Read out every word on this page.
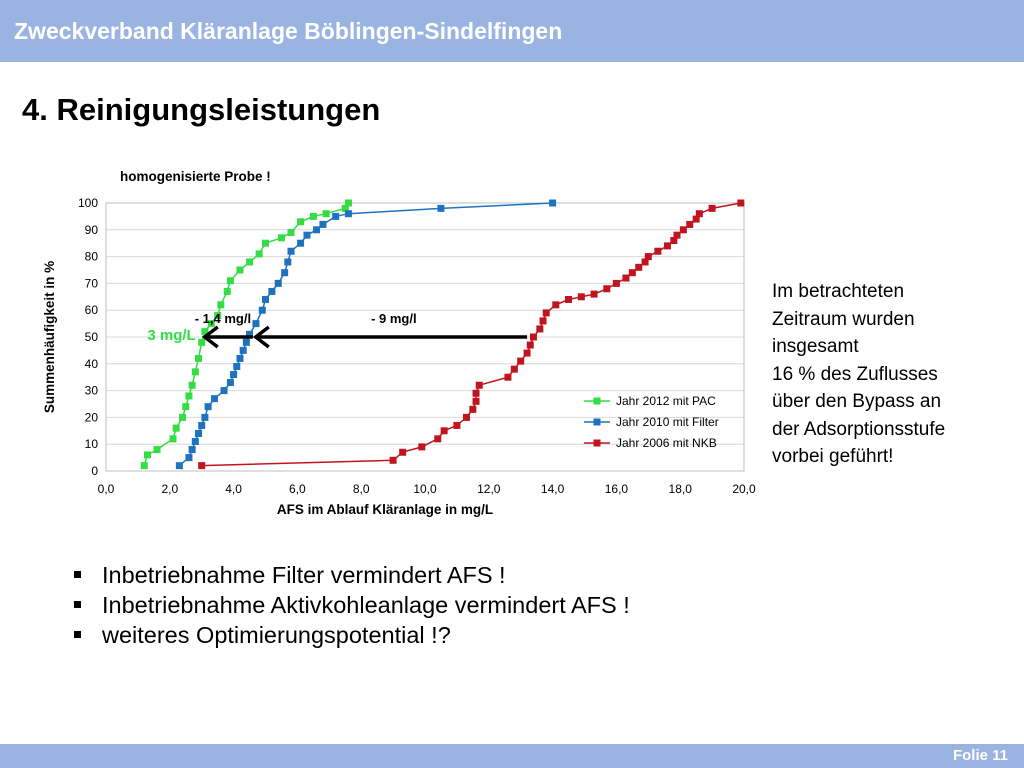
Zweckverband Kläranlage Böblingen-Sindelfingen
4. Reinigungsleistungen
0
10
20
30
40
50
60
70
80
90
100
0,0	2,0	4,0	6,0	8,0	10,0	12,0	14,0	16,0	18,0	20,0
homogenisierte Probe !
AFS im Ablauf Kläranlage in mg/L
Summenhäufigkeit in %	Jahr 2012 mit PAC
Jahr 2010 mit Filter
Jahr 2006 mit NKB
3 mg/L
- 1,4 mg/l	- 9 mg/l
Im betrachteten
Zeitraum wurden
insgesamt
16 % des Zuflusses
über den Bypass an
der Adsorptionsstufe
vorbei geführt!
Inbetriebnahme Filter vermindert AFS !
Inbetriebnahme Aktivkohleanlage vermindert AFS !
weiteres Optimierungspotential !?
Folie 11
